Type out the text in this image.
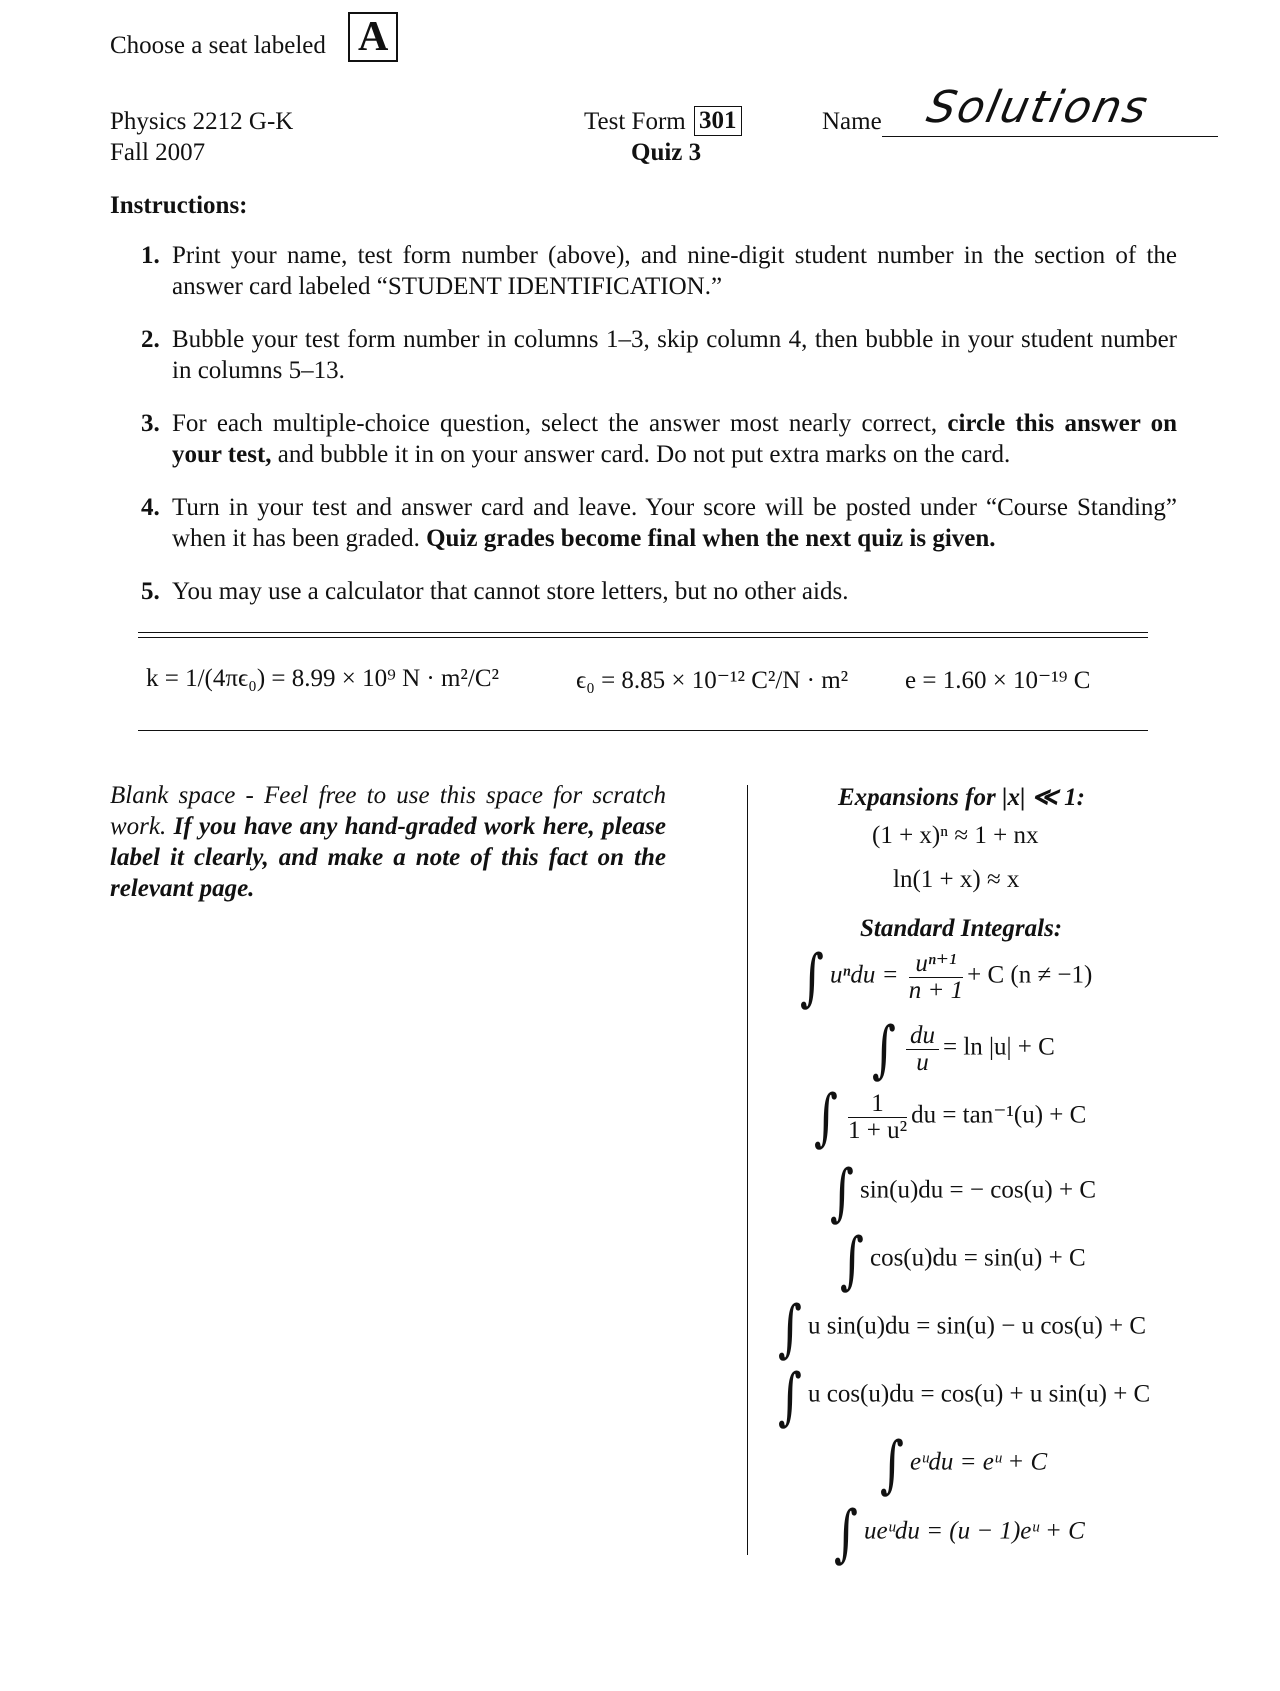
Choose a seat labeled A
Physics 2212 G-K
Fall 2007
Test Form 301
Quiz 3
Name Solutions
Instructions:
1. Print your name, test form number (above), and nine-digit student number in the section of the answer card labeled “STUDENT IDENTIFICATION.”
2. Bubble your test form number in columns 1–3, skip column 4, then bubble in your student number in columns 5–13.
3. For each multiple-choice question, select the answer most nearly correct, circle this answer on your test, and bubble it in on your answer card. Do not put extra marks on the card.
4. Turn in your test and answer card and leave. Your score will be posted under “Course Standing” when it has been graded. Quiz grades become final when the next quiz is given.
5. You may use a calculator that cannot store letters, but no other aids.
k = 1/(4πϵ₀) = 8.99 × 10⁹ N · m²/C²	ϵ₀ = 8.85 × 10⁻¹² C²/N · m² e = 1.60 × 10⁻¹⁹ C
Blank space - Feel free to use this space for scratch work. If you have any hand-graded work here, please label it clearly, and make a note of this fact on the relevant page.
Expansions for |x| ≪ 1:
(1 + x)ⁿ ≈ 1 + nx
ln(1 + x) ≈ x
Standard Integrals:
∫ $u^ndu = \frac{\text{uⁿ⁺¹}}{n + 1} + C$ (n ≠ −1)
∫ $\frac{du}{u} = \ln |u| + C$
∫ $\frac{1}{\text{1 + u²}}$ du = tan⁻¹(u) + C
∫ sin(u)du = − cos(u) + C
∫ cos(u)du = sin(u) + C
∫ u sin(u)du = sin(u) − u cos(u) + C
∫ u cos(u)du = cos(u) + u sin(u) + C
∫ eᵘdu = eᵘ + C
∫ ueᵘdu = (u − 1)eᵘ + C
